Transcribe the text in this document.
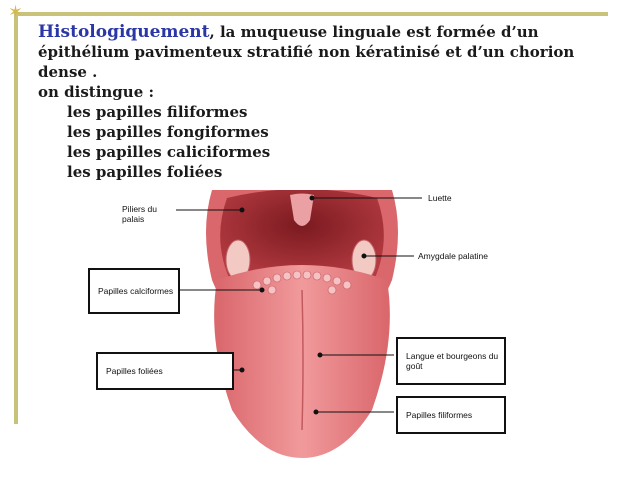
✶
Histologiquement, la muqueuse linguale est formée d’un épithélium pavimenteux stratifié non kératinisé et d’un chorion dense .
on distingue :
les papilles filiformes
les papilles fongiformes
les papilles caliciformes
les papilles foliées
Piliers du palais
Luette
Amygdale palatine
Papilles calciformes
Papilles foliées
Langue et bourgeons du goût
Papilles filiformes
